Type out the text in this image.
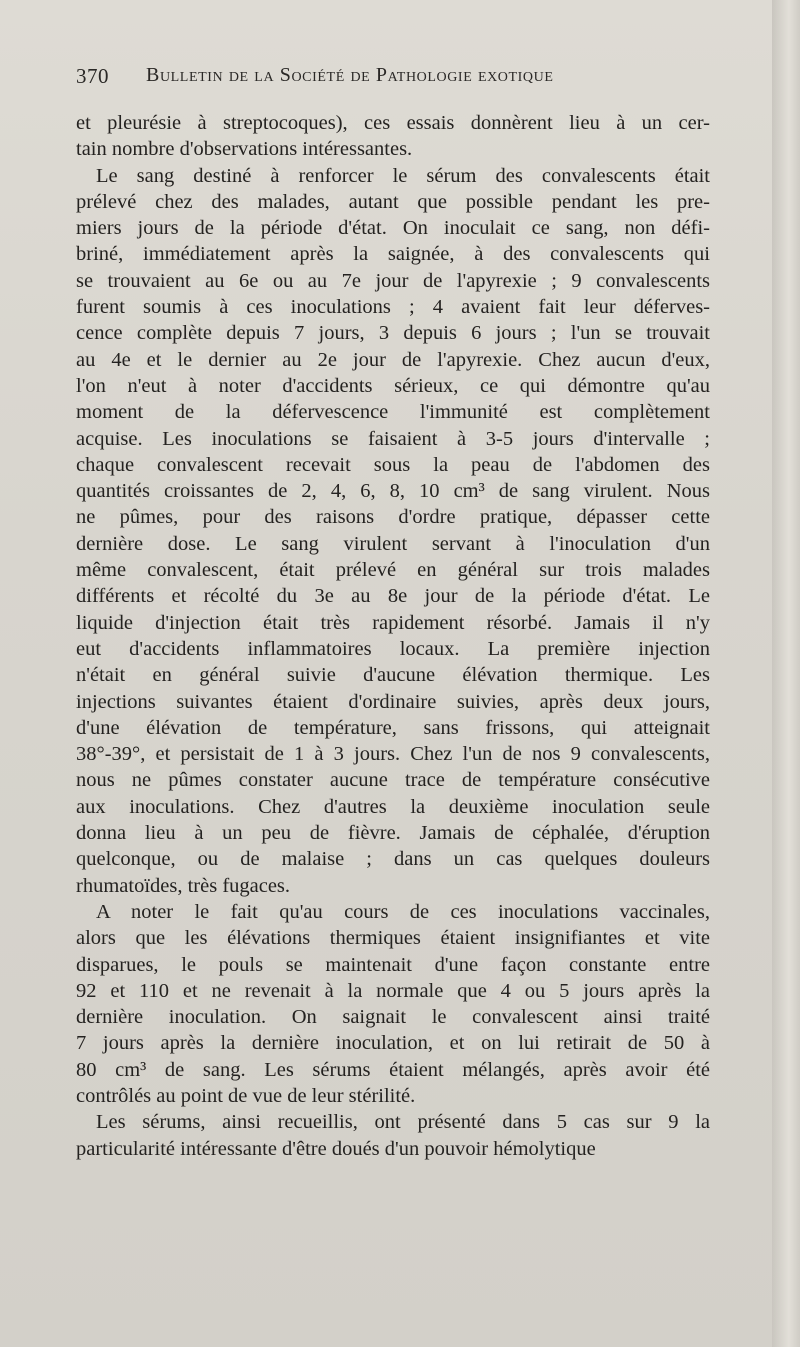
370 Bulletin de la Société de Pathologie exotique
et pleurésie à streptocoques), ces essais donnèrent lieu à un cer-
tain nombre d'observations intéressantes.
Le sang destiné à renforcer le sérum des convalescents était
prélevé chez des malades, autant que possible pendant les pre-
miers jours de la période d'état. On inoculait ce sang, non défi-
briné, immédiatement après la saignée, à des convalescents qui
se trouvaient au 6e ou au 7e jour de l'apyrexie ; 9 convalescents
furent soumis à ces inoculations ; 4 avaient fait leur déferves-
cence complète depuis 7 jours, 3 depuis 6 jours ; l'un se trouvait
au 4e et le dernier au 2e jour de l'apyrexie. Chez aucun d'eux,
l'on n'eut à noter d'accidents sérieux, ce qui démontre qu'au
moment de la défervescence l'immunité est complètement
acquise. Les inoculations se faisaient à 3-5 jours d'intervalle ;
chaque convalescent recevait sous la peau de l'abdomen des
quantités croissantes de 2, 4, 6, 8, 10 cm³ de sang virulent. Nous
ne pûmes, pour des raisons d'ordre pratique, dépasser cette
dernière dose. Le sang virulent servant à l'inoculation d'un
même convalescent, était prélevé en général sur trois malades
différents et récolté du 3e au 8e jour de la période d'état. Le
liquide d'injection était très rapidement résorbé. Jamais il n'y
eut d'accidents inflammatoires locaux. La première injection
n'était en général suivie d'aucune élévation thermique. Les
injections suivantes étaient d'ordinaire suivies, après deux jours,
d'une élévation de température, sans frissons, qui atteignait
38°-39°, et persistait de 1 à 3 jours. Chez l'un de nos 9 convalescents,
nous ne pûmes constater aucune trace de température consécutive
aux inoculations. Chez d'autres la deuxième inoculation seule
donna lieu à un peu de fièvre. Jamais de céphalée, d'éruption
quelconque, ou de malaise ; dans un cas quelques douleurs
rhumatoïdes, très fugaces.
A noter le fait qu'au cours de ces inoculations vaccinales,
alors que les élévations thermiques étaient insignifiantes et vite
disparues, le pouls se maintenait d'une façon constante entre
92 et 110 et ne revenait à la normale que 4 ou 5 jours après la
dernière inoculation. On saignait le convalescent ainsi traité
7 jours après la dernière inoculation, et on lui retirait de 50 à
80 cm³ de sang. Les sérums étaient mélangés, après avoir été
contrôlés au point de vue de leur stérilité.
Les sérums, ainsi recueillis, ont présenté dans 5 cas sur 9 la
particularité intéressante d'être doués d'un pouvoir hémolytique
